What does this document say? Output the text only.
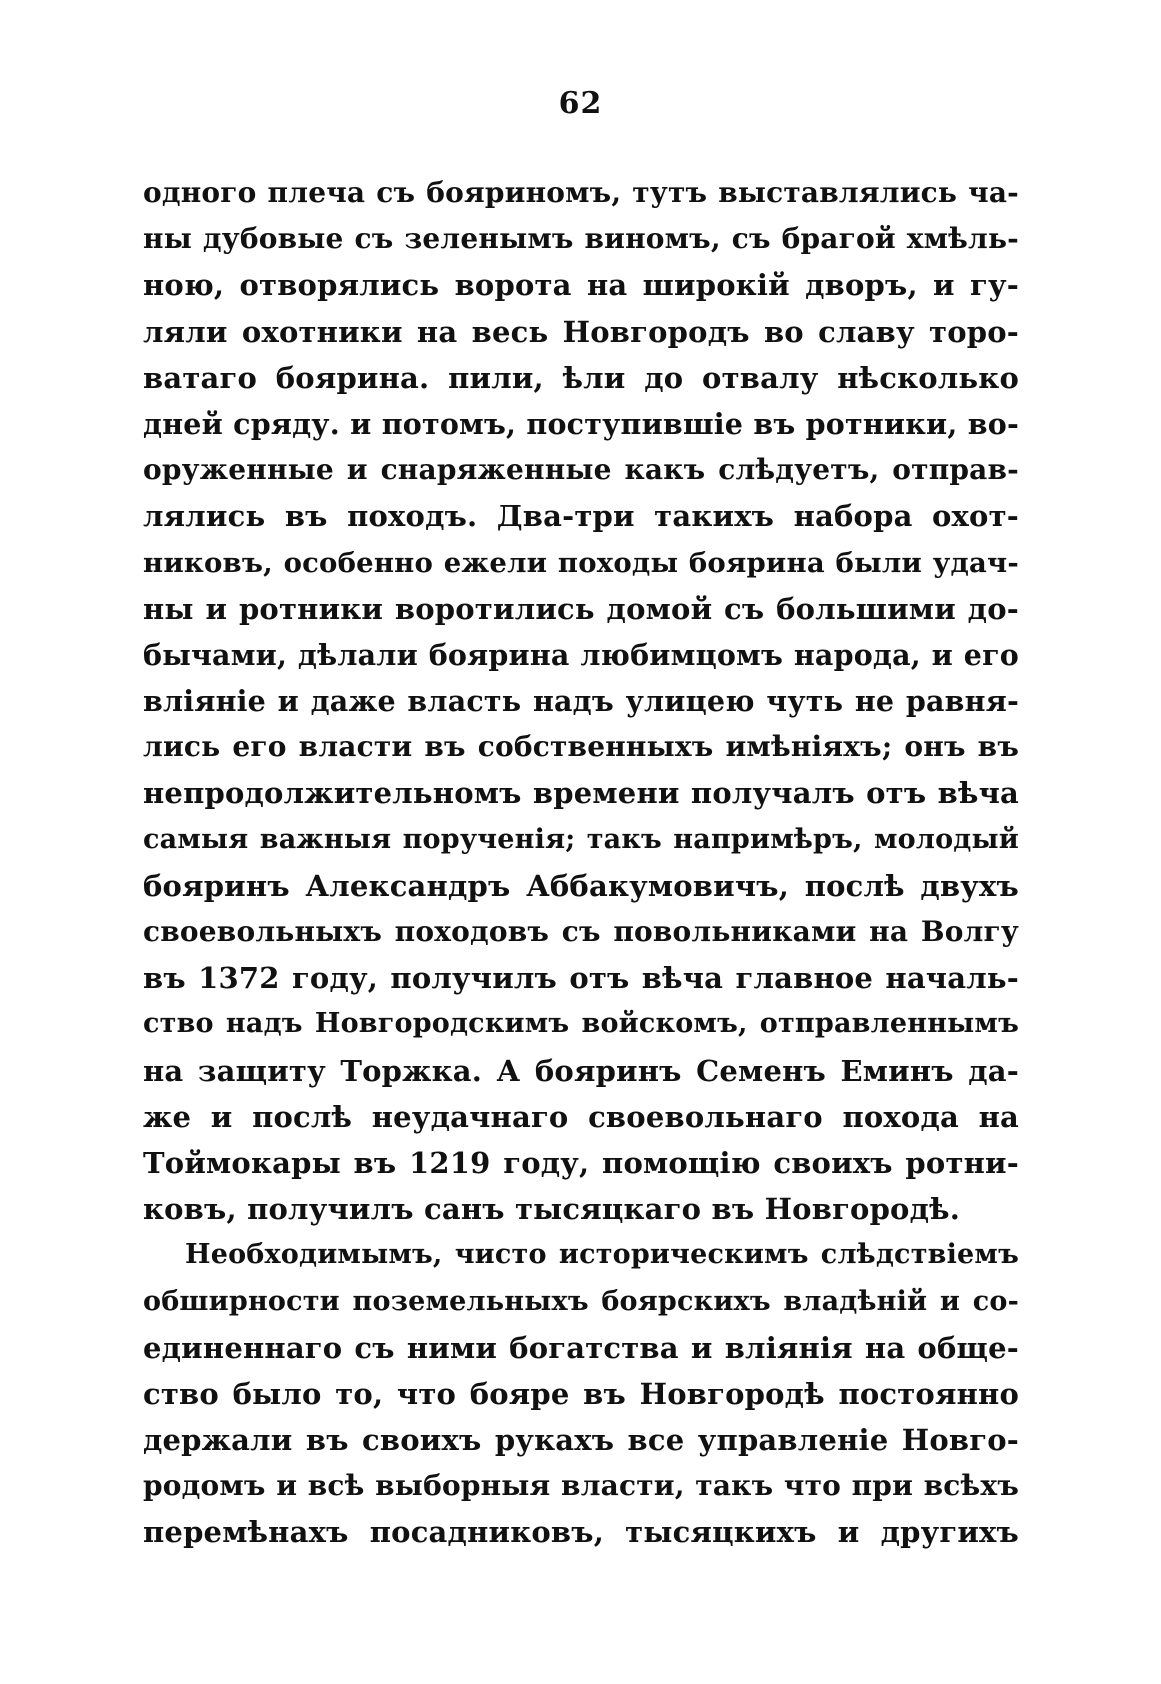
62
одного плеча съ бояриномъ, тутъ выставлялись ча-
ны дубовые съ зеленымъ виномъ, съ брагой хмѣль-
ною, отворялись ворота на широкій дворъ, и гу-
ляли охотники на весь Новгородъ во славу торо-
ватаго боярина. пили, ѣли до отвалу нѣсколько
дней сряду. и потомъ, поступившіе въ ротники, во-
оруженные и снаряженные какъ слѣдуетъ, отправ-
лялись въ походъ. Два-три такихъ набора охот-
никовъ, особенно ежели походы боярина были удач-
ны и ротники воротились домой съ большими до-
бычами, дѣлали боярина любимцомъ народа, и его
вліяніе и даже власть надъ улицею чуть не равня-
лись его власти въ собственныхъ имѣніяхъ; онъ въ
непродолжительномъ времени получалъ отъ вѣча
самыя важныя порученія; такъ напримѣръ, молодый
бояринъ Александръ Аббакумовичъ, послѣ двухъ
своевольныхъ походовъ съ повольниками на Волгу
въ 1372 году, получилъ отъ вѣча главное началь-
ство надъ Новгородскимъ войскомъ, отправленнымъ
на защиту Торжка. А бояринъ Семенъ Еминъ да-
же и послѣ неудачнаго своевольнаго похода на
Тоймокары въ 1219 году, помощію своихъ ротни-
ковъ, получилъ санъ тысяцкаго въ Новгородѣ.
Необходимымъ, чисто историческимъ слѣдствіемъ
обширности поземельныхъ боярскихъ владѣній и со-
единеннаго съ ними богатства и вліянія на обще-
ство было то, что бояре въ Новгородѣ постоянно
держали въ своихъ рукахъ все управленіе Новго-
родомъ и всѣ выборныя власти, такъ что при всѣхъ
перемѣнахъ посадниковъ, тысяцкихъ и другихъ
